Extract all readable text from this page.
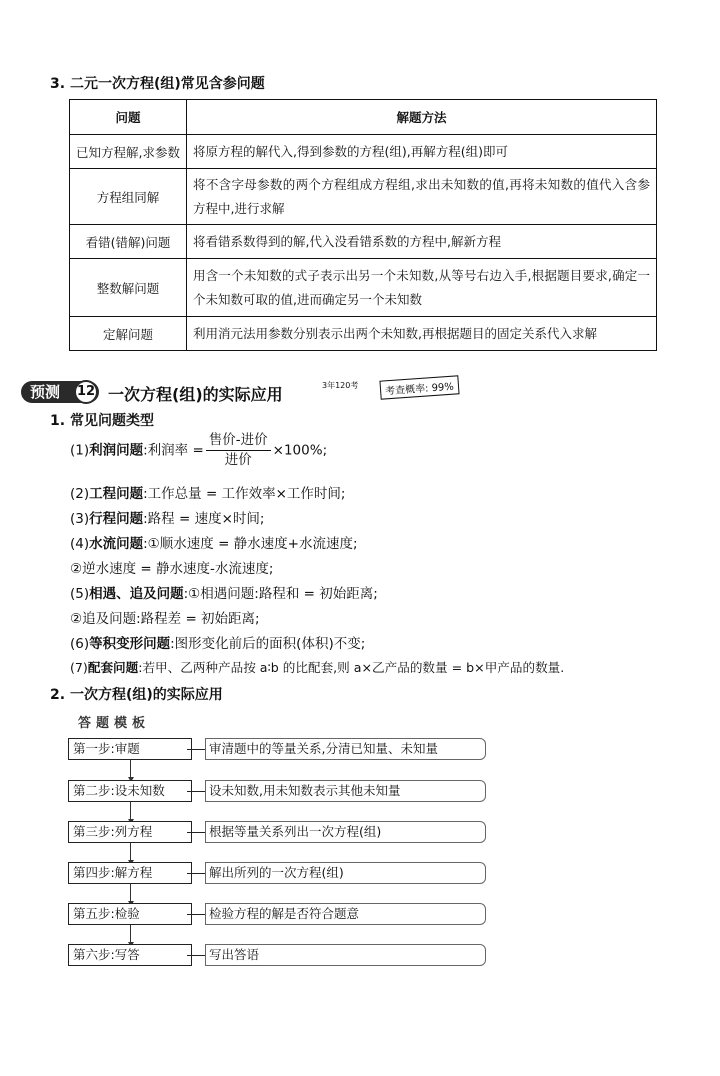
3. 二元一次方程(组)常见含参问题
问题	解题方法
已知方程解,求参数	将原方程的解代入,得到参数的方程(组),再解方程(组)即可
方程组同解	将不含字母参数的两个方程组成方程组,求出未知数的值,再将未知数的值代入含参方程中,进行求解
看错(错解)问题	将看错系数得到的解,代入没看错系数的方程中,解新方程
整数解问题	用含一个未知数的式子表示出另一个未知数,从等号右边入手,根据题目要求,确定一个未知数可取的值,进而确定另一个未知数
定解问题	利用消元法用参数分别表示出两个未知数,再根据题目的固定关系代入求解
预测	12 一次方程(组)的实际应用	3年120考	考查概率: 99%
1. 常见问题类型
(1)利润问题:利润率 = $\frac{\text{售价-进价}}{\text{进价}} \times 100\%$;
(2)工程问题:工作总量 = 工作效率×工作时间;
(3)行程问题:路程 = 速度×时间;
(4)水流问题:①顺水速度 = 静水速度+水流速度;
②逆水速度 = 静水速度-水流速度;
(5)相遇、追及问题:①相遇问题:路程和 = 初始距离;
②追及问题:路程差 = 初始距离;
(6)等积变形问题:图形变化前后的面积(体积)不变;
(7)配套问题:若甲、乙两种产品按 a∶b 的比配套,则 a×乙产品的数量 = b×甲产品的数量.
2. 一次方程(组)的实际应用
答题模板
第一步:审题	审清题中的等量关系,分清已知量、未知量
第二步:设未知数	设未知数,用未知数表示其他未知量
第三步:列方程	根据等量关系列出一次方程(组)
第四步:解方程	解出所列的一次方程(组)
第五步:检验	检验方程的解是否符合题意
第六步:写答	写出答语
